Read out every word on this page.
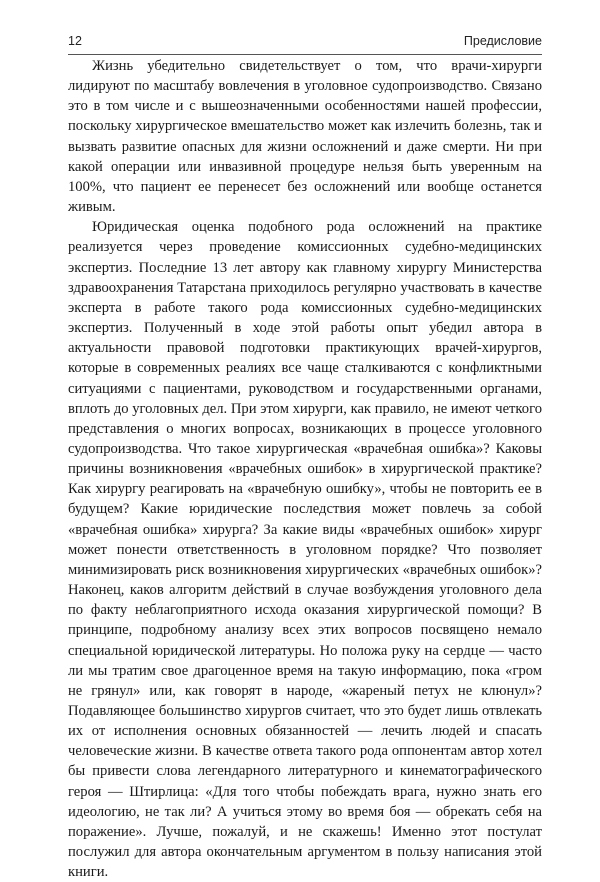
12	Предисловие

Жизнь убедительно свидетельствует о том, что врачи-хирурги лидируют по масштабу вовлечения в уголовное судопроизводство. Связано это в том числе и с вышеозначенными особенностями нашей профессии, поскольку хирургическое вмешательство может как излечить болезнь, так и вызвать развитие опасных для жизни осложнений и даже смерти. Ни при какой операции или инвазивной процедуре нельзя быть уверенным на 100%, что пациент ее перенесет без осложнений или вообще останется живым.

Юридическая оценка подобного рода осложнений на практике реализуется через проведение комиссионных судебно-медицинских экспертиз. Последние 13 лет автору как главному хирургу Министерства здравоохранения Татарстана приходилось регулярно участвовать в качестве эксперта в работе такого рода комиссионных судебно-медицинских экспертиз. Полученный в ходе этой работы опыт убедил автора в актуальности правовой подготовки практикующих врачей-хирургов, которые в современных реалиях все чаще сталкиваются с конфликтными ситуациями с пациентами, руководством и государственными органами, вплоть до уголовных дел. При этом хирурги, как правило, не имеют четкого представления о многих вопросах, возникающих в процессе уголовного судопроизводства. Что такое хирургическая «врачебная ошибка»? Каковы причины возникновения «врачебных ошибок» в хирургической практике? Как хирургу реагировать на «врачебную ошибку», чтобы не повторить ее в будущем? Какие юридические последствия может повлечь за собой «врачебная ошибка» хирурга? За какие виды «врачебных ошибок» хирург может понести ответственность в уголовном порядке? Что позволяет минимизировать риск возникновения хирургических «врачебных ошибок»? Наконец, каков алгоритм действий в случае возбуждения уголовного дела по факту неблагоприятного исхода оказания хирургической помощи? В принципе, подробному анализу всех этих вопросов посвящено немало специальной юридической литературы. Но положа руку на сердце — часто ли мы тратим свое драгоценное время на такую информацию, пока «гром не грянул» или, как говорят в народе, «жареный петух не клюнул»? Подавляющее большинство хирургов считает, что это будет лишь отвлекать их от исполнения основных обязанностей — лечить людей и спасать человеческие жизни. В качестве ответа такого рода оппонентам автор хотел бы привести слова легендарного литературного и кинематографического героя — Штирлица: «Для того чтобы побеждать врага, нужно знать его идеологию, не так ли? А учиться этому во время боя — обрекать себя на поражение». Лучше, пожалуй, и не скажешь! Именно этот постулат послужил для автора окончательным аргументом в пользу написания этой книги.
